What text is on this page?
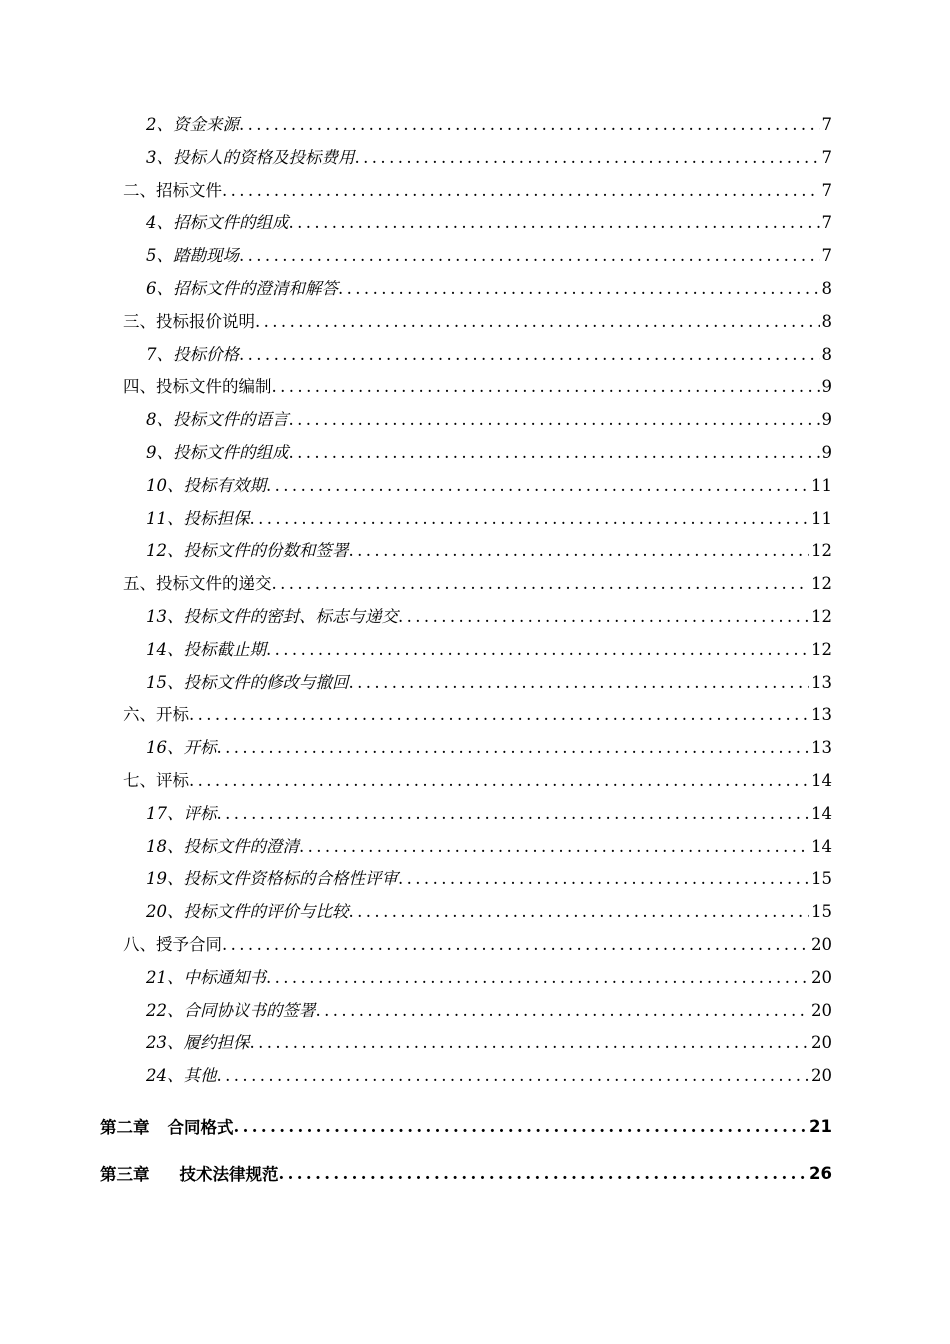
2、资金来源 .....	7
3、投标人的资格及投标费用 .....	7
二、招标文件 .....	7
4、招标文件的组成 .....	7
5、踏勘现场 .....	7
6、招标文件的澄清和解答 .....	8
三、投标报价说明 .....	8
7、投标价格 .....	8
四、投标文件的编制 .....	9
8、投标文件的语言 .....	9
9、投标文件的组成 .....	9
10、投标有效期 .....	11
11、投标担保 .....	11
12、投标文件的份数和签署 .....	12
五、投标文件的递交 .....	12
13、投标文件的密封、标志与递交 .....	12
14、投标截止期 .....	12
15、投标文件的修改与撤回 .....	13
六、开标 .....	13
16、开标 .....	13
七、评标 .....	14
17、评标 .....	14
18、投标文件的澄清 .....	14
19、投标文件资格标的合格性评审 .....	15
20、投标文件的评价与比较 .....	15
八、授予合同 .....	20
21、中标通知书 .....	20
22、合同协议书的签署 .....	20
23、履约担保 .....	20
24、其他 .....	20
第二章 合同格式 .....	21
第三章 技术法律规范 .....	26
